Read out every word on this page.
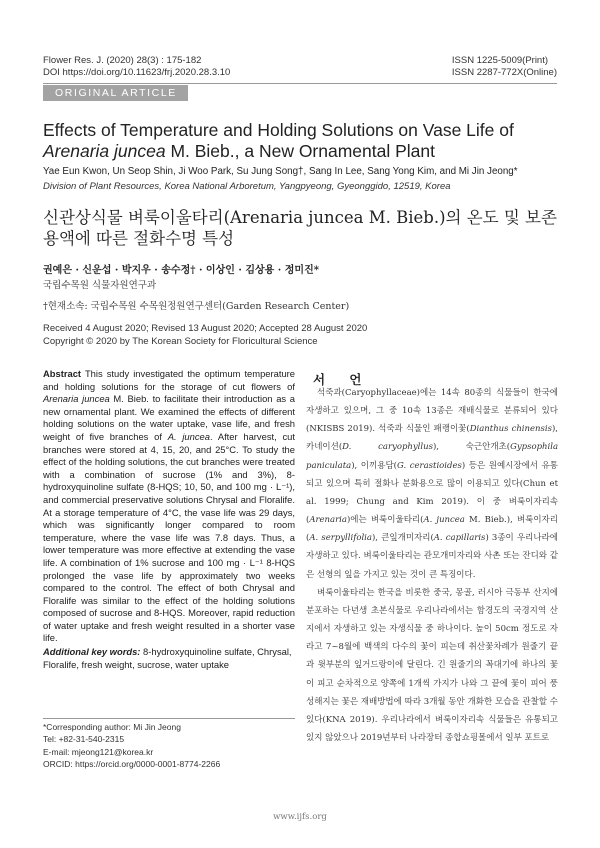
Flower Res. J. (2020) 28(3) : 175-182
DOI https://doi.org/10.11623/frj.2020.28.3.10
ISSN 1225-5009(Print)
ISSN 2287-772X(Online)
ORIGINAL ARTICLE
Effects of Temperature and Holding Solutions on Vase Life of
Arenaria juncea M. Bieb., a New Ornamental Plant
Yae Eun Kwon, Un Seop Shin, Ji Woo Park, Su Jung Song†, Sang In Lee, Sang Yong Kim, and Mi Jin Jeong*
Division of Plant Resources, Korea National Arboretum, Yangpyeong, Gyeonggido, 12519, Korea
신관상식물 벼룩이울타리(Arenaria juncea M. Bieb.)의 온도 및 보존용액에 따른 절화수명 특성
권예은 · 신운섭 · 박지우 · 송수정† · 이상인 · 김상용 · 정미진*
국립수목원 식물자원연구과
†현재소속: 국립수목원 수목원정원연구센터(Garden Research Center)
Received 4 August 2020; Revised 13 August 2020; Accepted 28 August 2020
Copyright © 2020 by The Korean Society for Floricultural Science
Abstract This study investigated the optimum temperature and holding solutions for the storage of cut flowers of Arenaria juncea M. Bieb. to facilitate their introduction as a new ornamental plant. We examined the effects of different holding solutions on the water uptake, vase life, and fresh weight of five branches of A. juncea. After harvest, cut branches were stored at 4, 15, 20, and 25°C. To study the effect of the holding solutions, the cut branches were treated with a combination of sucrose (1% and 3%), 8-hydroxyquinoline sulfate (8-HQS; 10, 50, and 100 mg · L⁻¹), and commercial preservative solutions Chrysal and Floralife. At a storage temperature of 4°C, the vase life was 29 days, which was significantly longer compared to room temperature, where the vase life was 7.8 days. Thus, a lower temperature was more effective at extending the vase life. A combination of 1% sucrose and 100 mg · L⁻¹ 8-HQS prolonged the vase life by approximately two weeks compared to the control. The effect of both Chrysal and Floralife was similar to the effect of the holding solutions composed of sucrose and 8-HQS. Moreover, rapid reduction of water uptake and fresh weight resulted in a shorter vase life.
Additional key words: 8-hydroxyquinoline sulfate, Chrysal, Floralife, fresh weight, sucrose, water uptake
*Corresponding author: Mi Jin Jeong
Tel: +82-31-540-2315
E-mail: mjeong121@korea.kr
ORCID: https://orcid.org/0000-0001-8774-2266
서 언

석죽과(Caryophyllaceae)에는 14속 80종의 식물들이 한국에 자생하고 있으며, 그 중 10속 13종은 재배식물로 분류되어 있다(NKISBS 2019). 석죽과 식물인 패랭이꽃(Dianthus chinensis), 카네이션(D. caryophyllus), 숙근안개초(Gypsophila paniculata), 이끼용담(G. cerastioides) 등은 원예시장에서 유통되고 있으며 특히 절화나 분화용으로 많이 이용되고 있다(Chun et al. 1999; Chung and Kim 2019). 이 중 벼룩이자리속(Arenaria)에는 벼룩이울타리(A. juncea M. Bieb.), 벼룩이자리(A. serpyllifolia), 큰잎개미자리(A. capillaris) 3종이 우리나라에 자생하고 있다. 벼룩이울타리는 관모개미자리와 사촌 또는 잔디와 같은 선형의 잎을 가지고 있는 것이 큰 특징이다.

벼룩이울타리는 한국을 비롯한 중국, 몽골, 러시아 극동부 산지에 분포하는 다년생 초본식물로 우리나라에서는 함경도의 국경지역 산지에서 자생하고 있는 자생식물 중 하나이다. 높이 50cm 정도로 자라고 7~8월에 백색의 다수의 꽃이 피는데 취산꽃차례가 원줄기 끝과 윗부분의 잎거드랑이에 달린다. 긴 원줄기의 꼭대기에 하나의 꽃이 피고 순차적으로 양쪽에 1개씩 가지가 나와 그 끝에 꽃이 피어 풍성해지는 꽃은 재배방법에 따라 3개월 동안 개화한 모습을 관찰할 수 있다(KNA 2019). 우리나라에서 벼룩이자리속 식물들은 유통되고 있지 않았으나 2019년부터 나라장터 종합쇼핑몰에서 일부 포트로

www.ijfs.org
